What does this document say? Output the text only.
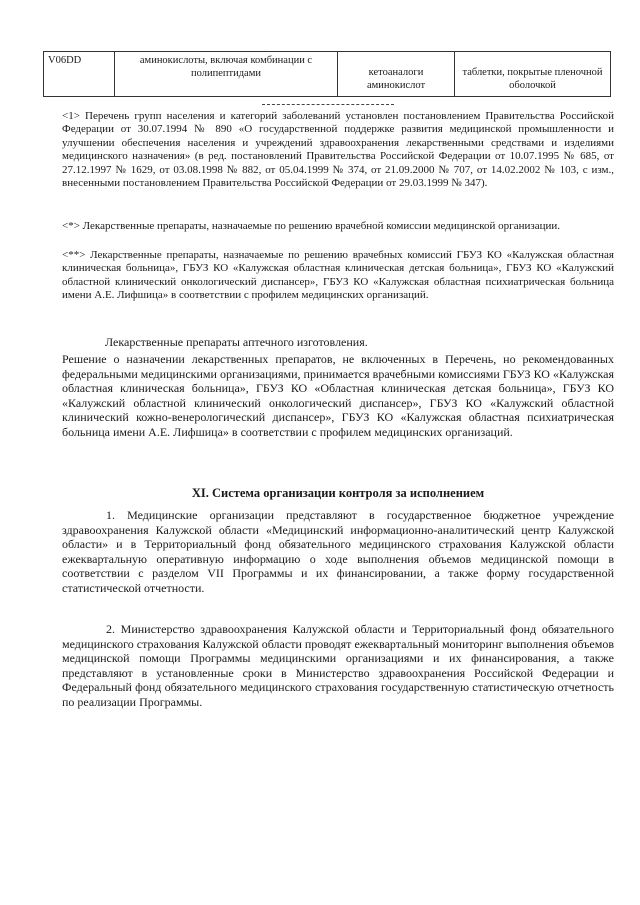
V06DD	аминокислоты, включая комбинации с полипептидами	кетоаналоги аминокислот	таблетки, покрытые пленочной оболочкой
<1> Перечень групп населения и категорий заболеваний установлен постановлением Правительства Российской Федерации от 30.07.1994 № 890 «О государственной поддержке развития медицинской промышленности и улучшении обеспечения населения и учреждений здравоохранения лекарственными средствами и изделиями медицинского назначения» (в ред. постановлений Правительства Российской Федерации от 10.07.1995 № 685, от 27.12.1997 № 1629, от 03.08.1998 № 882, от 05.04.1999 № 374, от 21.09.2000 № 707, от 14.02.2002 № 103, с изм., внесенными постановлением Правительства Российской Федерации от 29.03.1999 № 347).
<*> Лекарственные препараты, назначаемые по решению врачебной комиссии медицинской организации.
<**> Лекарственные препараты, назначаемые по решению врачебных комиссий ГБУЗ КО «Калужская областная клиническая больница», ГБУЗ КО «Калужская областная клиническая детская больница», ГБУЗ КО «Калужский областной клинический онкологический диспансер», ГБУЗ КО «Калужская областная психиатрическая больница имени А.Е. Лифшица» в соответствии с профилем медицинских организаций.
Лекарственные препараты аптечного изготовления.
Решение о назначении лекарственных препаратов, не включенных в Перечень, но рекомендованных федеральными медицинскими организациями, принимается врачебными комиссиями ГБУЗ КО «Калужская областная клиническая больница», ГБУЗ КО «Областная клиническая детская больница», ГБУЗ КО «Калужский областной клинический онкологический диспансер», ГБУЗ КО «Калужский областной клинический кожно-венерологический диспансер», ГБУЗ КО «Калужская областная психиатрическая больница имени А.Е. Лифшица» в соответствии с профилем медицинских организаций.
XI. Система организации контроля за исполнением
1. Медицинские организации представляют в государственное бюджетное учреждение здравоохранения Калужской области «Медицинский информационно-аналитический центр Калужской области» и в Территориальный фонд обязательного медицинского страхования Калужской области ежеквартальную оперативную информацию о ходе выполнения объемов медицинской помощи в соответствии с разделом VII Программы и их финансировании, а также форму государственной статистической отчетности.
2. Министерство здравоохранения Калужской области и Территориальный фонд обязательного медицинского страхования Калужской области проводят ежеквартальный мониторинг выполнения объемов медицинской помощи Программы медицинскими организациями и их финансирования, а также представляют в установленные сроки в Министерство здравоохранения Российской Федерации и Федеральный фонд обязательного медицинского страхования государственную статистическую отчетность по реализации Программы.
